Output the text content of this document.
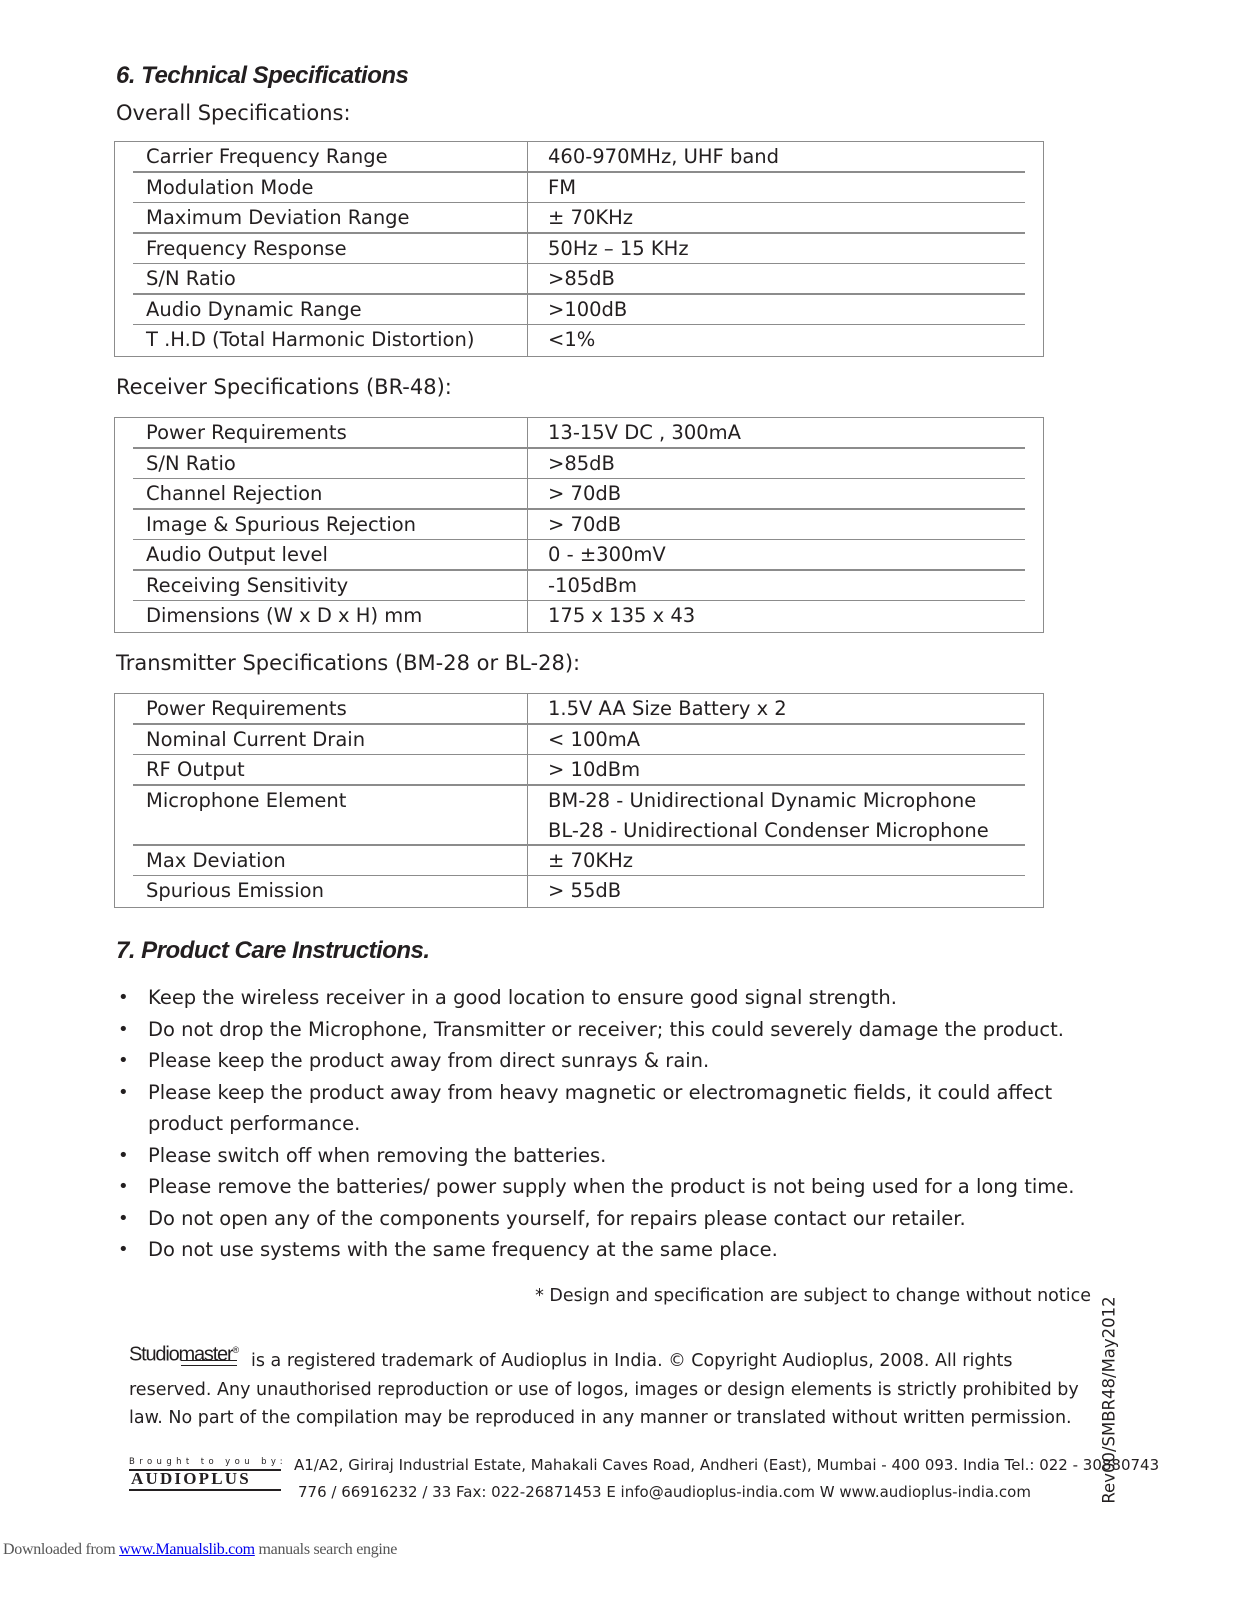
6. Technical Specifications
Overall Specifications:
Carrier Frequency Range	460-970MHz, UHF band
Modulation Mode	FM
Maximum Deviation Range	± 70KHz
Frequency Response	50Hz – 15 KHz
S/N Ratio	>85dB
Audio Dynamic Range	>100dB
T .H.D (Total Harmonic Distortion)	<1%
Receiver Specifications (BR-48):
Power Requirements	13-15V DC , 300mA
S/N Ratio	>85dB
Channel Rejection	> 70dB
Image & Spurious Rejection	> 70dB
Audio Output level	0 - ±300mV
Receiving Sensitivity	-105dBm
Dimensions (W x D x H) mm	175 x 135 x 43
Transmitter Specifications (BM-28 or BL-28):
Power Requirements	1.5V AA Size Battery x 2
Nominal Current Drain	< 100mA
RF Output	> 10dBm
Microphone Element	BM-28 - Unidirectional Dynamic Microphone
BL-28 - Unidirectional Condenser Microphone

Max Deviation	± 70KHz
Spurious Emission	> 55dB
7. Product Care Instructions.
• Keep the wireless receiver in a good location to ensure good signal strength.
• Do not drop the Microphone, Transmitter or receiver; this could severely damage the product.
• Please keep the product away from direct sunrays & rain.
• Please keep the product away from heavy magnetic or electromagnetic fields, it could affect product performance.
• Please switch off when removing the batteries.
• Please remove the batteries/ power supply when the product is not being used for a long time.
• Do not open any of the components yourself, for repairs please contact our retailer.
• Do not use systems with the same frequency at the same place.

* Design and specification are subject to change without notice

Studiomaster®
is a registered trademark of Audioplus in India. © Copyright Audioplus, 2008. All rights reserved. Any unauthorised reproduction or use of logos, images or design elements is strictly prohibited by law. No part of the compilation may be reproduced in any manner or translated without written permission.

Brought to you by:
AUDIOPLUS

A1/A2, Giriraj Industrial Estate, Mahakali Caves Road, Andheri (East), Mumbai - 400 093. India Tel.: 022 - 30880743
776 / 66916232 / 33 Fax: 022-26871453 E info@audioplus-india.com W www.audioplus-india.com	Rev00/SMBR48/May2012

Downloaded from www.Manualslib.com manuals search engine
